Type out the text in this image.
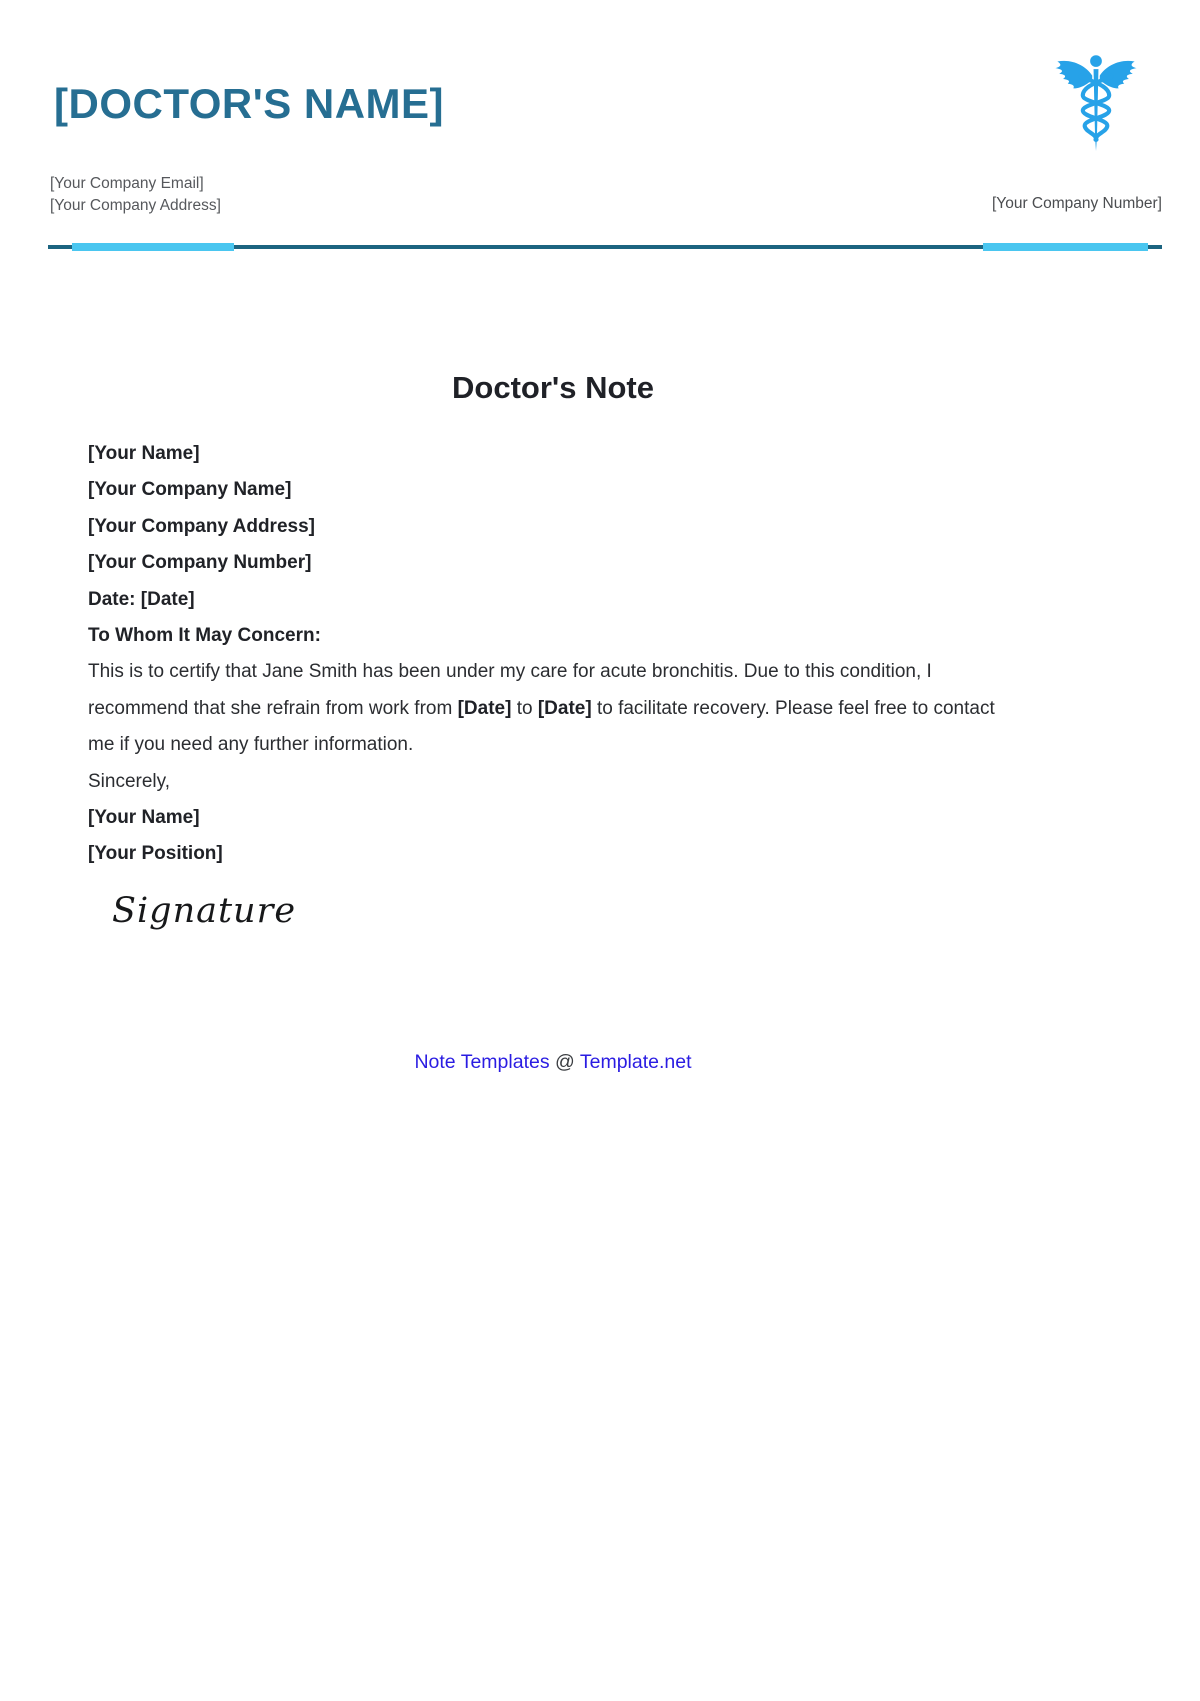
[DOCTOR'S NAME]
[Your Company Email]
[Your Company Address]	[Your Company Number]
Doctor's Note

[Your Name]

[Your Company Name]

[Your Company Address]

[Your Company Number]

Date: [Date]

To Whom It May Concern:

This is to certify that Jane Smith has been under my care for acute bronchitis. Due to this condition, I recommend that she refrain from work from [Date] to [Date] to facilitate recovery. Please feel free to contact me if you need any further information.

Sincerely,

[Your Name]

[Your Position]

Signature
Note Templates @ Template.net
